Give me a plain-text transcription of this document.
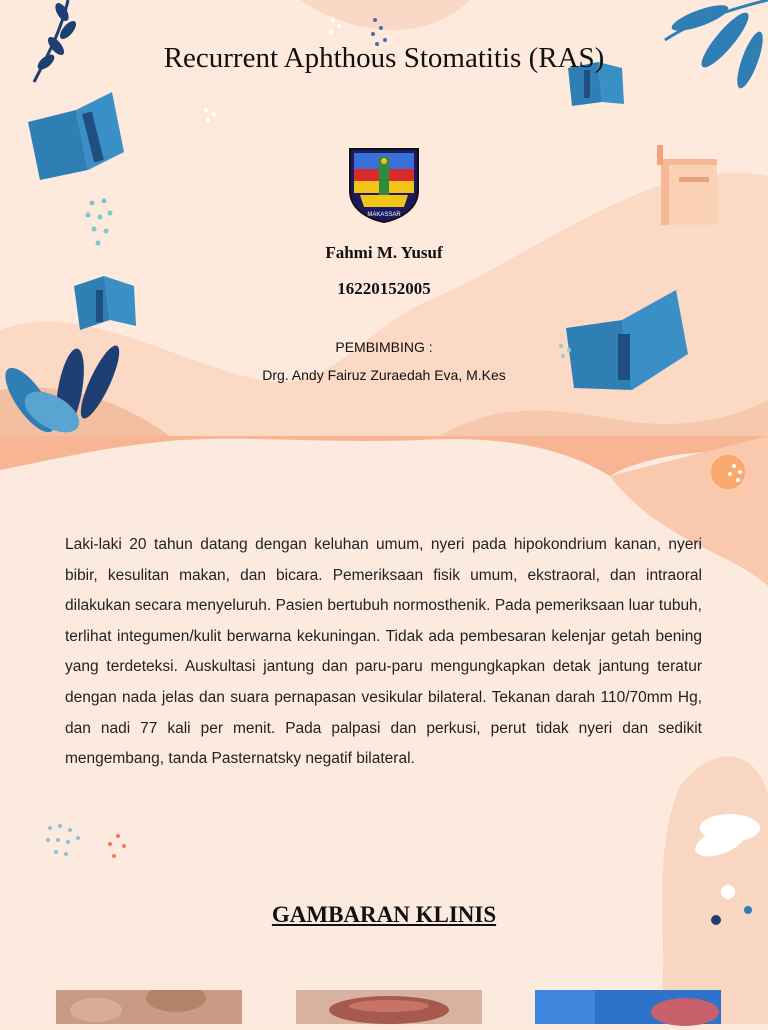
Recurrent Aphthous Stomatitis (RAS)
MAKASSAR
Fahmi M. Yusuf
16220152005
PEMBIMBING :
Drg. Andy Fairuz Zuraedah Eva, M.Kes
Laki-laki 20 tahun datang dengan keluhan umum, nyeri pada hipokondrium kanan, nyeri bibir, kesulitan makan, dan bicara. Pemeriksaan fisik umum, ekstraoral, dan intraoral dilakukan secara menyeluruh. Pasien bertubuh normosthenik. Pada pemeriksaan luar tubuh, terlihat integumen/kulit berwarna kekuningan. Tidak ada pembesaran kelenjar getah bening yang terdeteksi. Auskultasi jantung dan paru-paru mengungkapkan detak jantung teratur dengan nada jelas dan suara pernapasan vesikular bilateral. Tekanan darah 110/70mm Hg, dan nadi 77 kali per menit. Pada palpasi dan perkusi, perut tidak nyeri dan sedikit mengembang, tanda Pasternatsky negatif bilateral.
GAMBARAN KLINIS
